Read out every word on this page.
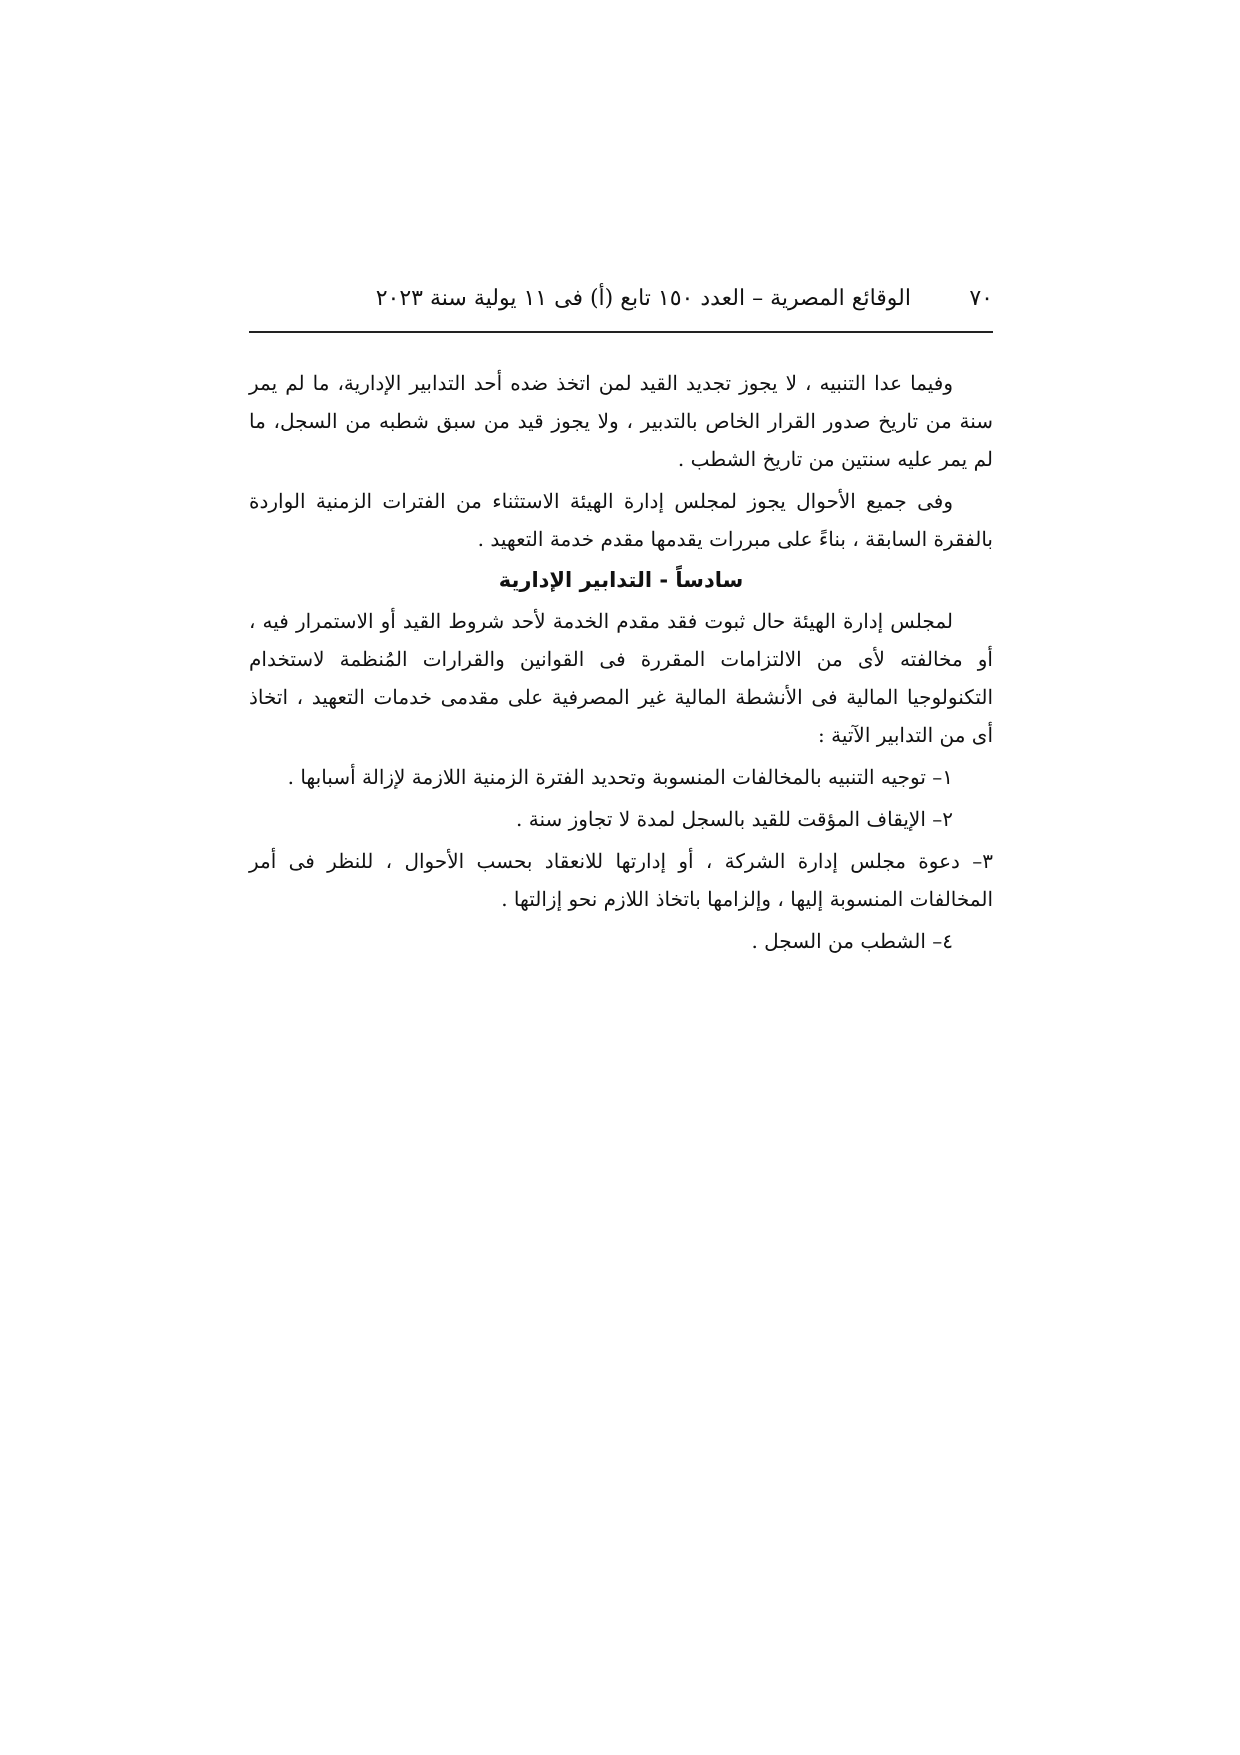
٧٠
الوقائع المصرية – العدد ١٥٠ تابع (أ) فى ١١ يولية سنة ٢٠٢٣

وفيما عدا التنبيه ، لا يجوز تجديد القيد لمن اتخذ ضده أحد التدابير الإدارية، ما لم يمر سنة من تاريخ صدور القرار الخاص بالتدبير ، ولا يجوز قيد من سبق شطبه من السجل، ما لم يمر عليه سنتين من تاريخ الشطب .

وفى جميع الأحوال يجوز لمجلس إدارة الهيئة الاستثناء من الفترات الزمنية الواردة بالفقرة السابقة ، بناءً على مبررات يقدمها مقدم خدمة التعهيد .

سادساً - التدابير الإدارية

لمجلس إدارة الهيئة حال ثبوت فقد مقدم الخدمة لأحد شروط القيد أو الاستمرار فيه ، أو مخالفته لأى من الالتزامات المقررة فى القوانين والقرارات المُنظمة لاستخدام التكنولوجيا المالية فى الأنشطة المالية غير المصرفية على مقدمى خدمات التعهيد ، اتخاذ أى من التدابير الآتية :

١– توجيه التنبيه بالمخالفات المنسوبة وتحديد الفترة الزمنية اللازمة لإزالة أسبابها .

٢– الإيقاف المؤقت للقيد بالسجل لمدة لا تجاوز سنة .

٣– دعوة مجلس إدارة الشركة ، أو إدارتها للانعقاد بحسب الأحوال ، للنظر فى أمر المخالفات المنسوبة إليها ، وإلزامها باتخاذ اللازم نحو إزالتها .

٤– الشطب من السجل .
